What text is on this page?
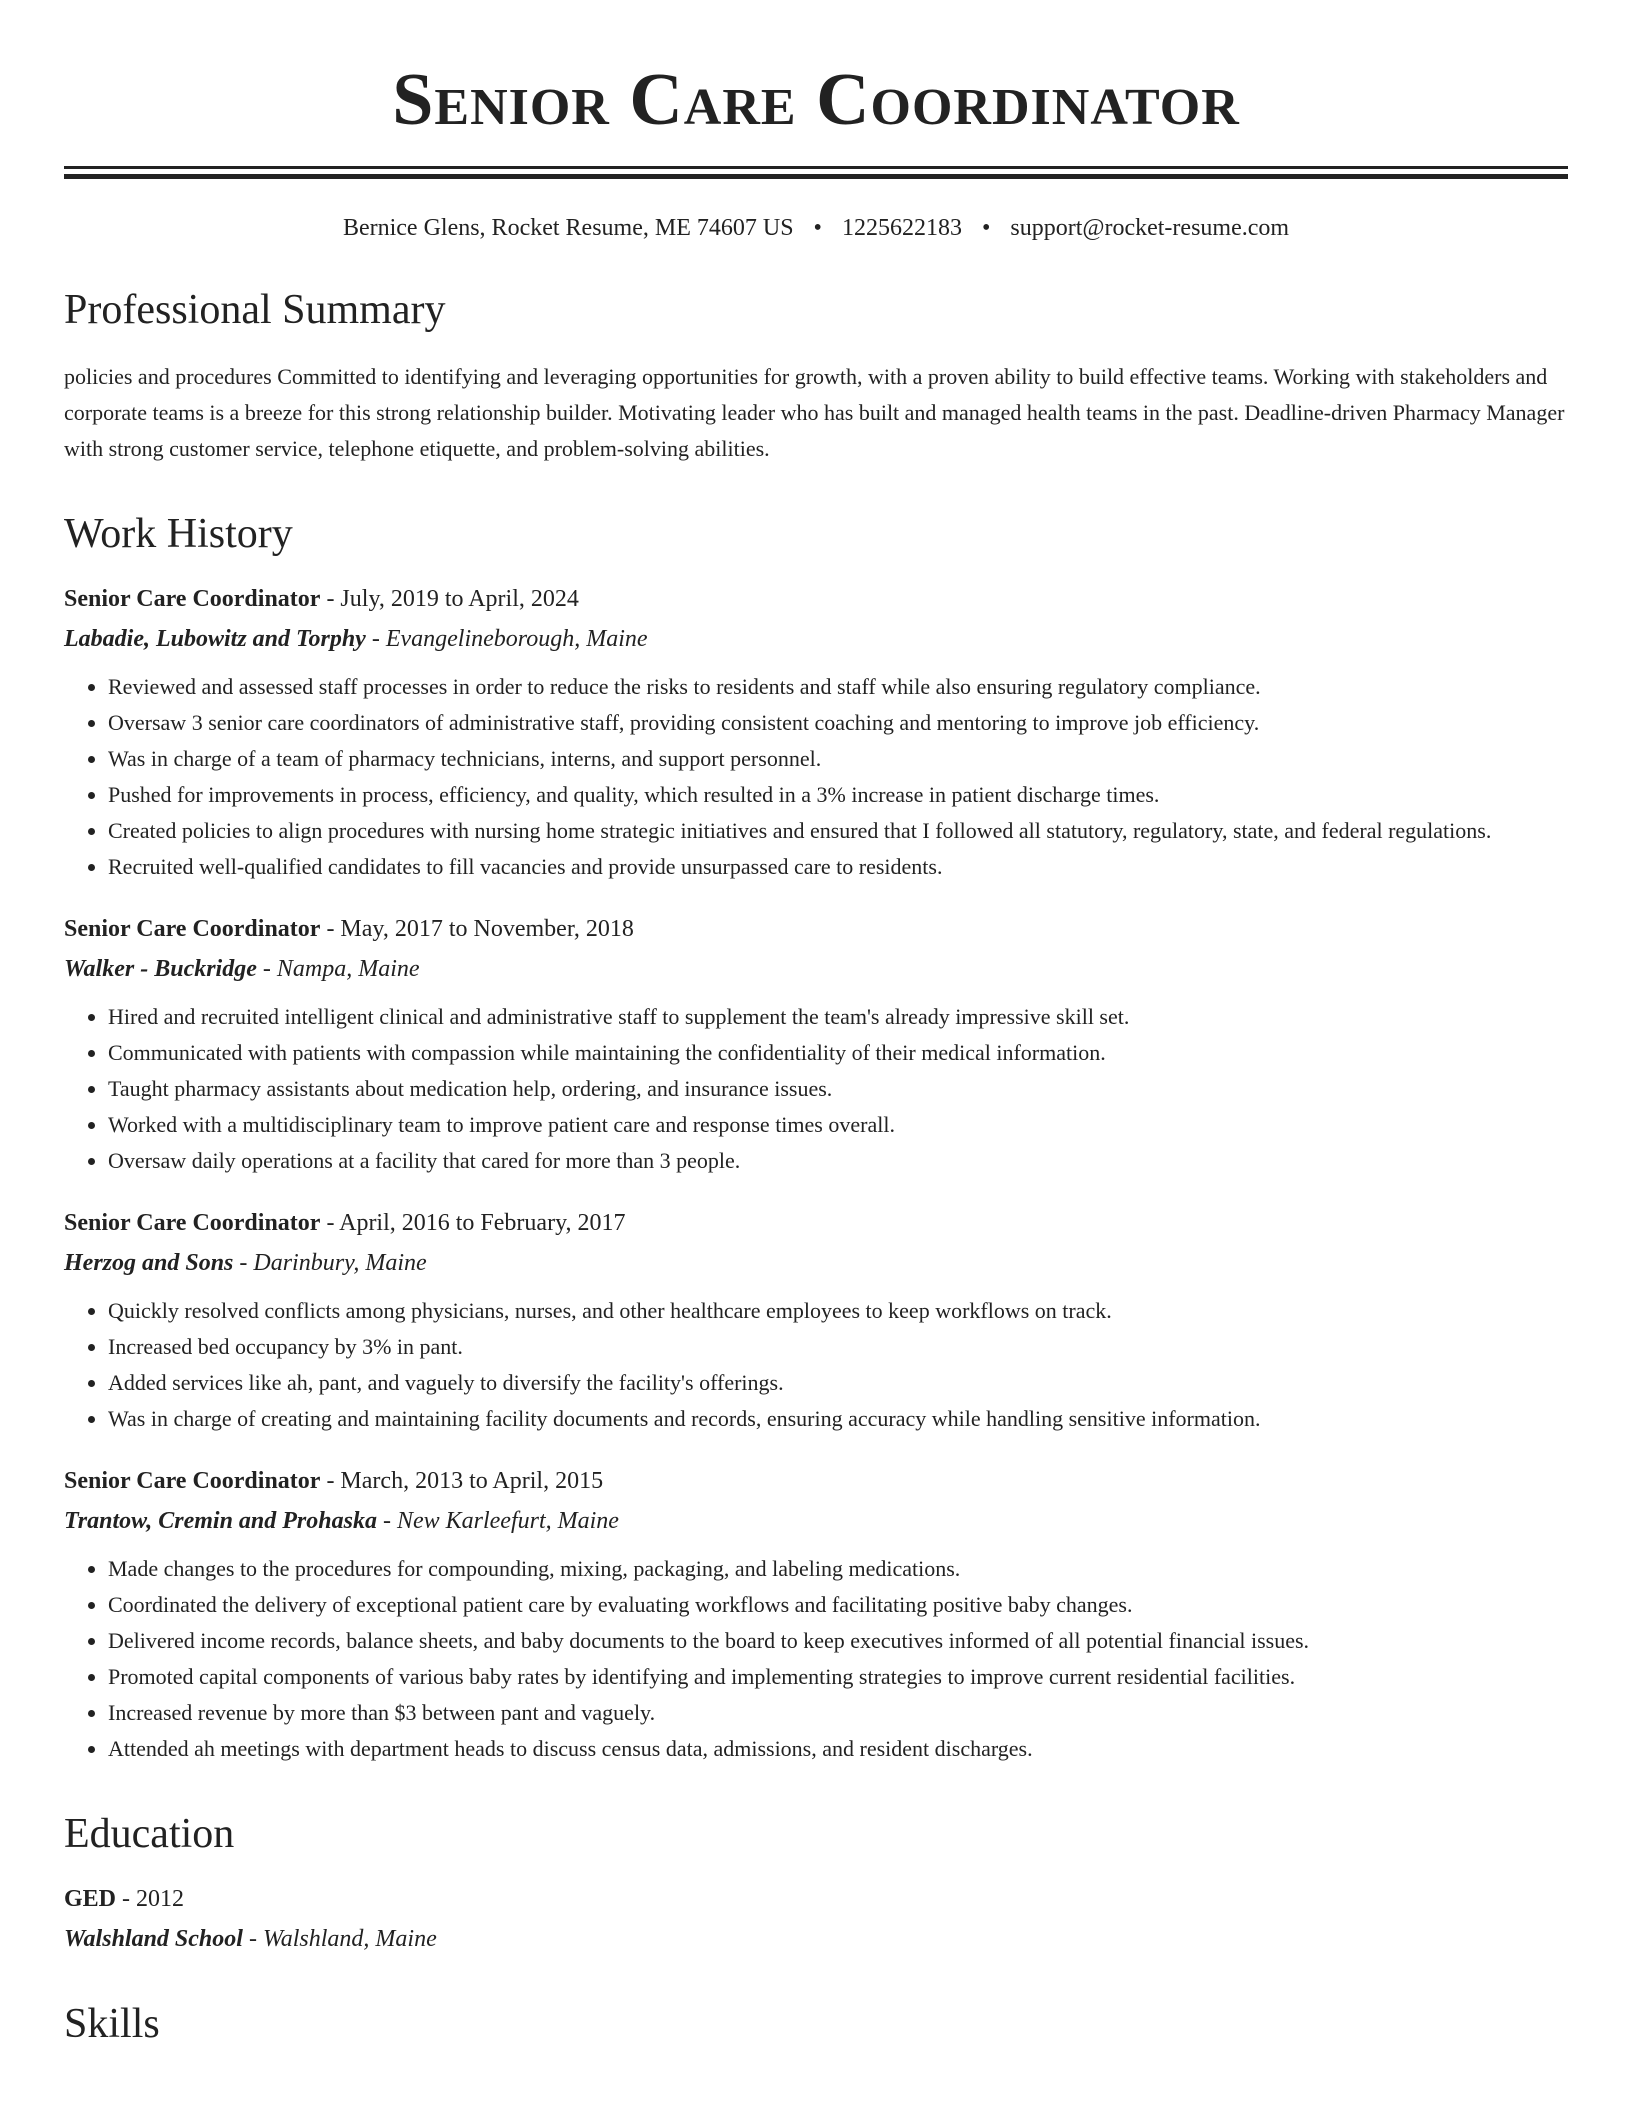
Senior Care Coordinator
Bernice Glens, Rocket Resume, ME 74607 US • 1225622183 • support@rocket-resume.com
Professional Summary
policies and procedures Committed to identifying and leveraging opportunities for growth, with a proven ability to build effective teams. Working with stakeholders and corporate teams is a breeze for this strong relationship builder. Motivating leader who has built and managed health teams in the past. Deadline-driven Pharmacy Manager with strong customer service, telephone etiquette, and problem-solving abilities.
Work History
Senior Care Coordinator - July, 2019 to April, 2024
Labadie, Lubowitz and Torphy - Evangelineborough, Maine
• Reviewed and assessed staff processes in order to reduce the risks to residents and staff while also ensuring regulatory compliance.
• Oversaw 3 senior care coordinators of administrative staff, providing consistent coaching and mentoring to improve job efficiency.
• Was in charge of a team of pharmacy technicians, interns, and support personnel.
• Pushed for improvements in process, efficiency, and quality, which resulted in a 3% increase in patient discharge times.
• Created policies to align procedures with nursing home strategic initiatives and ensured that I followed all statutory, regulatory, state, and federal regulations.
• Recruited well-qualified candidates to fill vacancies and provide unsurpassed care to residents.
Senior Care Coordinator - May, 2017 to November, 2018
Walker - Buckridge - Nampa, Maine
• Hired and recruited intelligent clinical and administrative staff to supplement the team's already impressive skill set.
• Communicated with patients with compassion while maintaining the confidentiality of their medical information.
• Taught pharmacy assistants about medication help, ordering, and insurance issues.
• Worked with a multidisciplinary team to improve patient care and response times overall.
• Oversaw daily operations at a facility that cared for more than 3 people.
Senior Care Coordinator - April, 2016 to February, 2017
Herzog and Sons - Darinbury, Maine
• Quickly resolved conflicts among physicians, nurses, and other healthcare employees to keep workflows on track.
• Increased bed occupancy by 3% in pant.
• Added services like ah, pant, and vaguely to diversify the facility's offerings.
• Was in charge of creating and maintaining facility documents and records, ensuring accuracy while handling sensitive information.
Senior Care Coordinator - March, 2013 to April, 2015
Trantow, Cremin and Prohaska - New Karleefurt, Maine
• Made changes to the procedures for compounding, mixing, packaging, and labeling medications.
• Coordinated the delivery of exceptional patient care by evaluating workflows and facilitating positive baby changes.
• Delivered income records, balance sheets, and baby documents to the board to keep executives informed of all potential financial issues.
• Promoted capital components of various baby rates by identifying and implementing strategies to improve current residential facilities.
• Increased revenue by more than $3 between pant and vaguely.
• Attended ah meetings with department heads to discuss census data, admissions, and resident discharges.
Education
GED - 2012
Walshland School - Walshland, Maine
Skills
